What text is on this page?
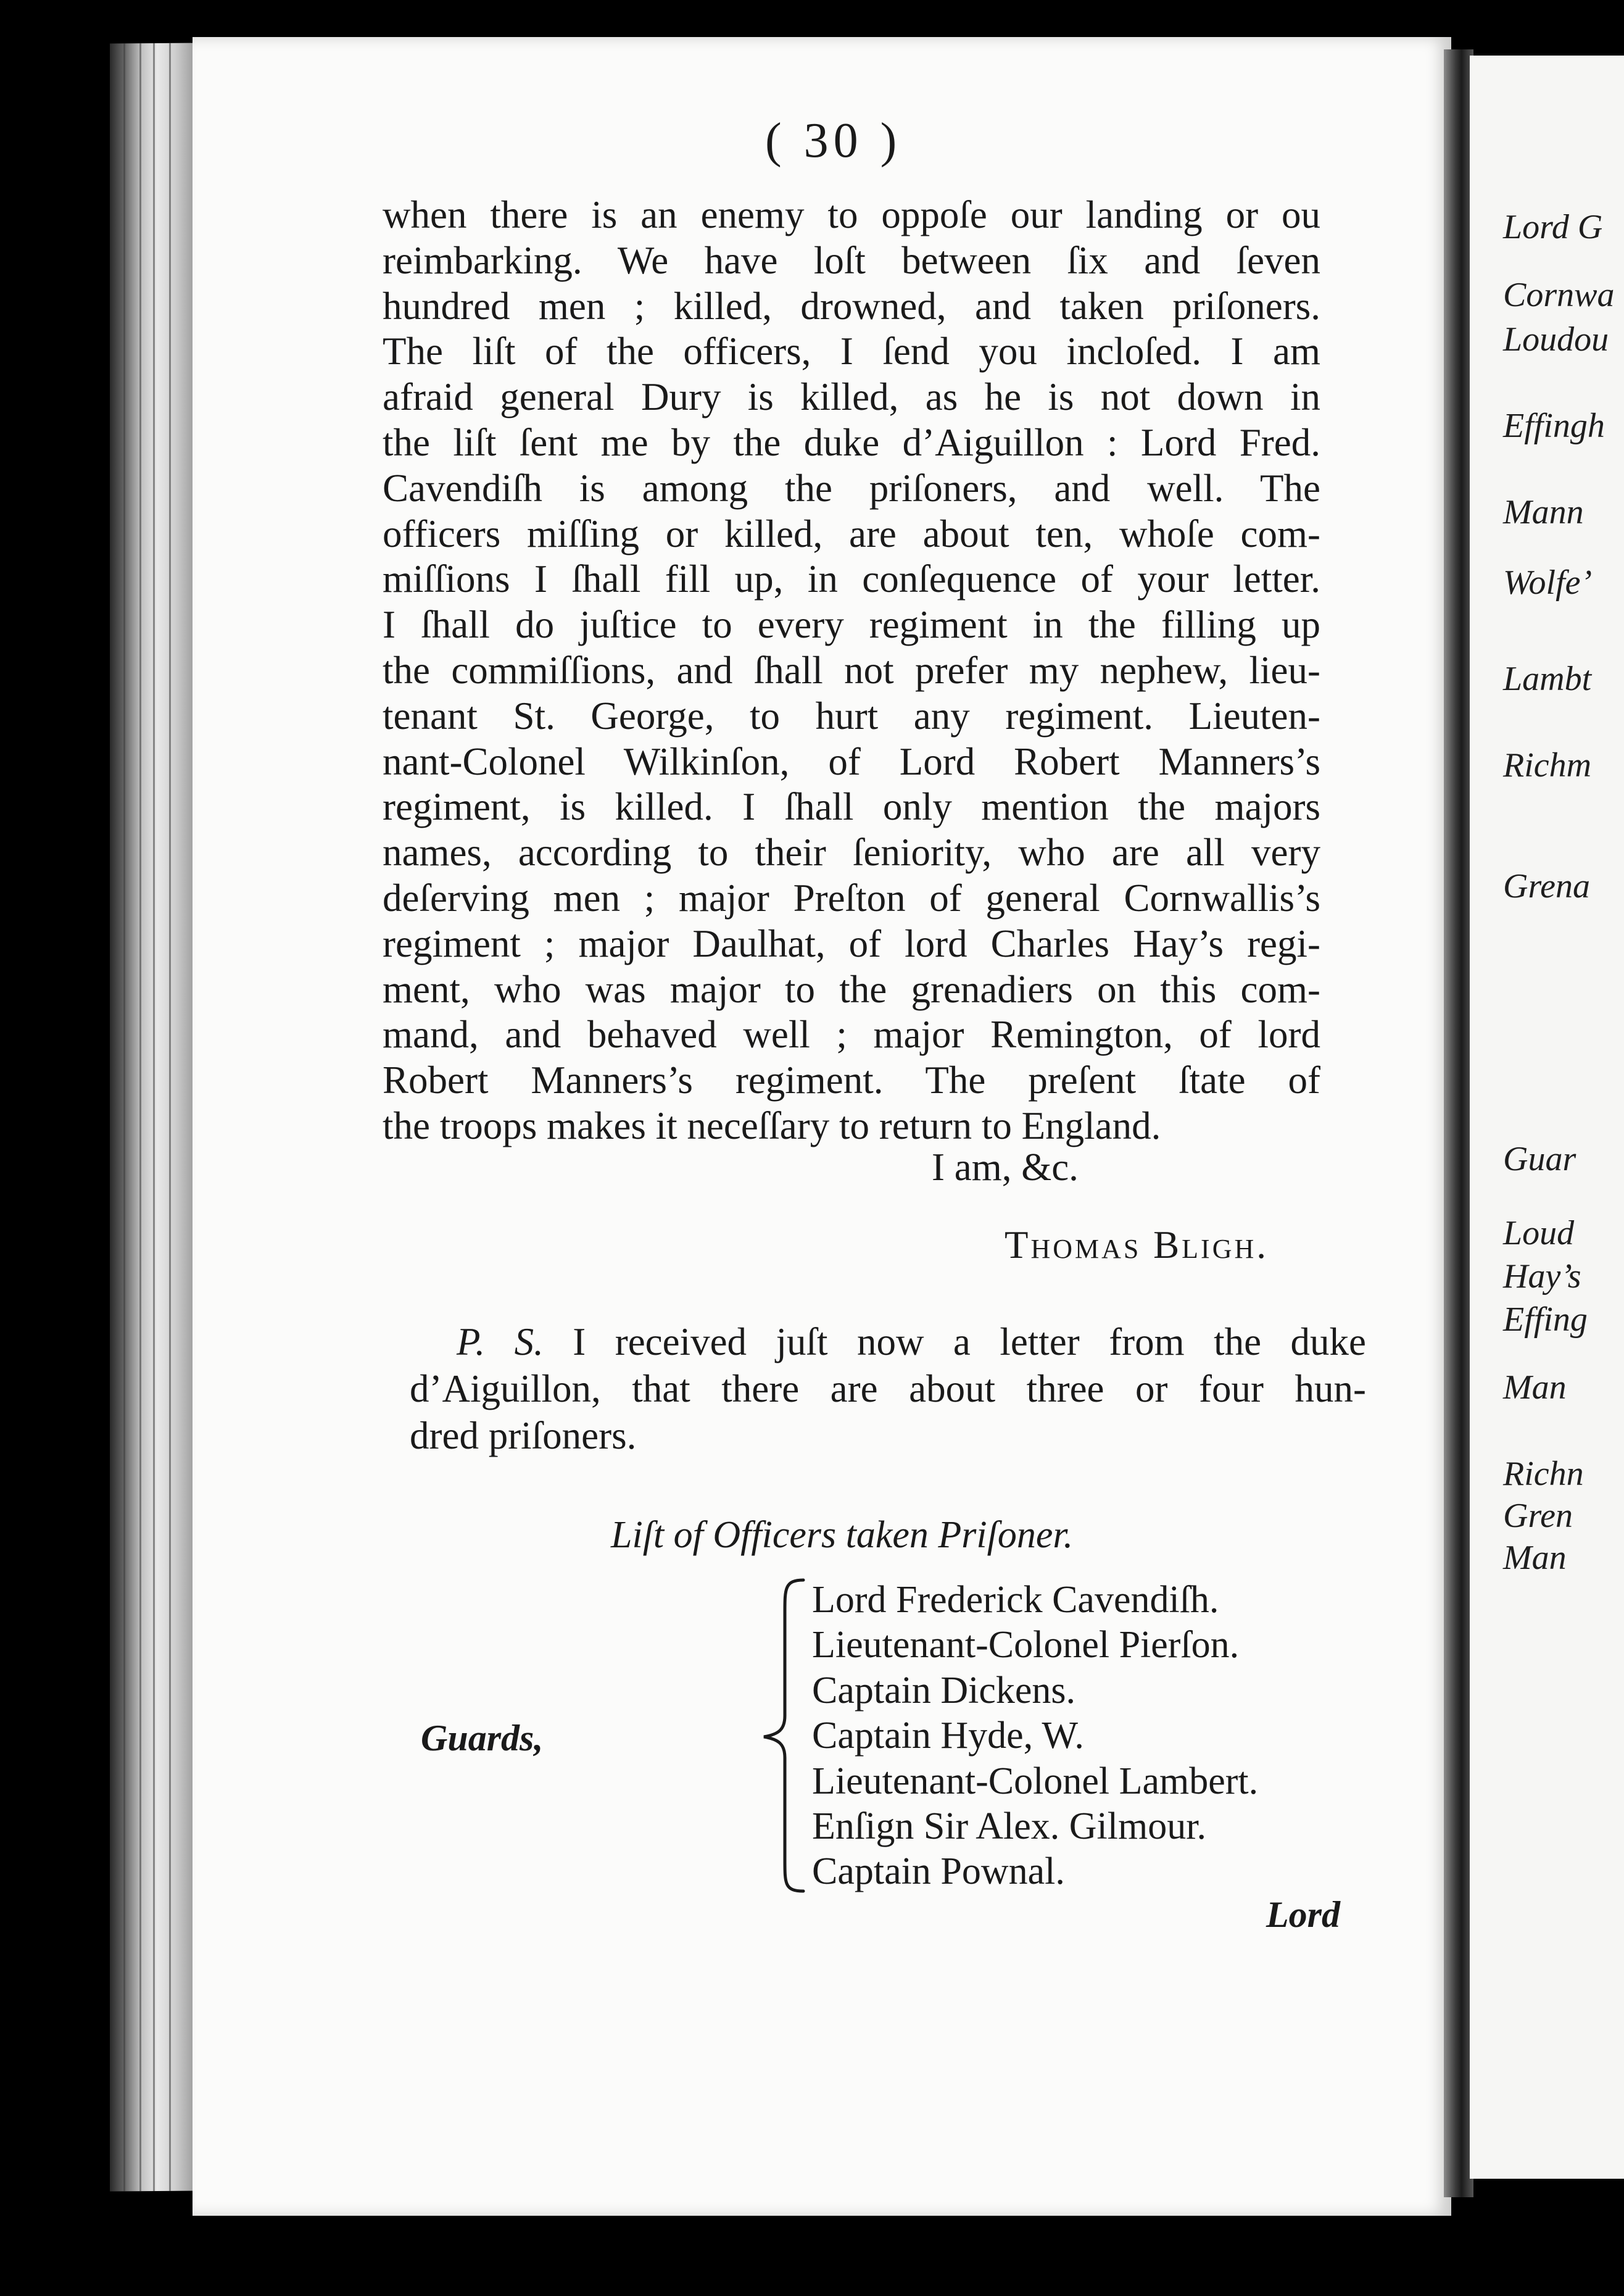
Lord G
Cornwa
Loudou
Effingh
Mann
Wolfe’
Lambt
Richm
Grena
Guar
Loud
Hay’s
Effing
Man
Richn
Gren
Man
( 30 )
when there is an enemy to oppoſe our landing or ou
reimbarking. We have loſt between ſix and ſeven
hundred men ; killed, drowned, and taken priſoners.
The liſt of the officers, I ſend you incloſed. I am
afraid general Dury is killed, as he is not down in
the liſt ſent me by the duke d’Aiguillon : Lord Fred.
Cavendiſh is among the priſoners, and well. The
officers miſſing or killed, are about ten, whoſe com-
miſſions I ſhall fill up, in conſequence of your letter.
I ſhall do juſtice to every regiment in the filling up
the commiſſions, and ſhall not prefer my nephew, lieu-
tenant St. George, to hurt any regiment. Lieuten-
nant-Colonel Wilkinſon, of Lord Robert Manners’s
regiment, is killed. I ſhall only mention the majors
names, according to their ſeniority, who are all very
deſerving men ; major Preſton of general Cornwallis’s
regiment ; major Daulhat, of lord Charles Hay’s regi-
ment, who was major to the grenadiers on this com-
mand, and behaved well ; major Remington, of lord
Robert Manners’s regiment. The preſent ſtate of
the troops makes it neceſſary to return to England.
I am, &c.
Thomas Bligh.
P. S. I received juſt now a letter from the duke
d’Aiguillon, that there are about three or four hun-
dred priſoners.
Liſt of Officers taken Priſoner.
Guards,
Lord Frederick Cavendiſh.
Lieutenant-Colonel Pierſon.
Captain Dickens.
Captain Hyde, W.
Lieutenant-Colonel Lambert.
Enſign Sir Alex. Gilmour.
Captain Pownal.
Lord
